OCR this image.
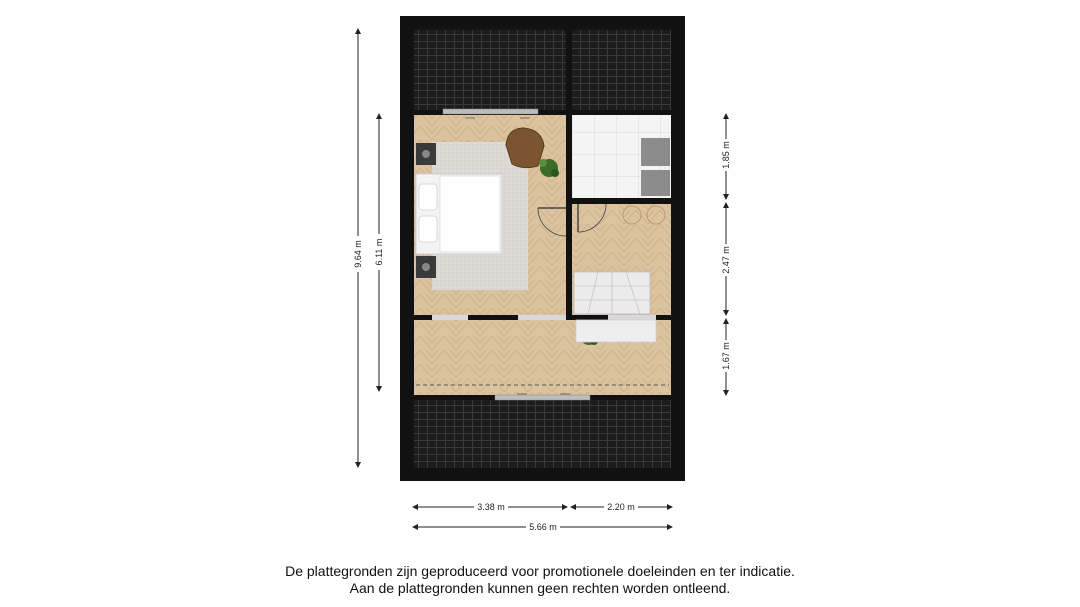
9.64 m 6.11 m
1.85 m
2.47 m
1.67 m
3.38 m	2.20 m
5.66 m
De plattegronden zijn geproduceerd voor promotionele doeleinden en ter indicatie.
Aan de plattegronden kunnen geen rechten worden ontleend.
